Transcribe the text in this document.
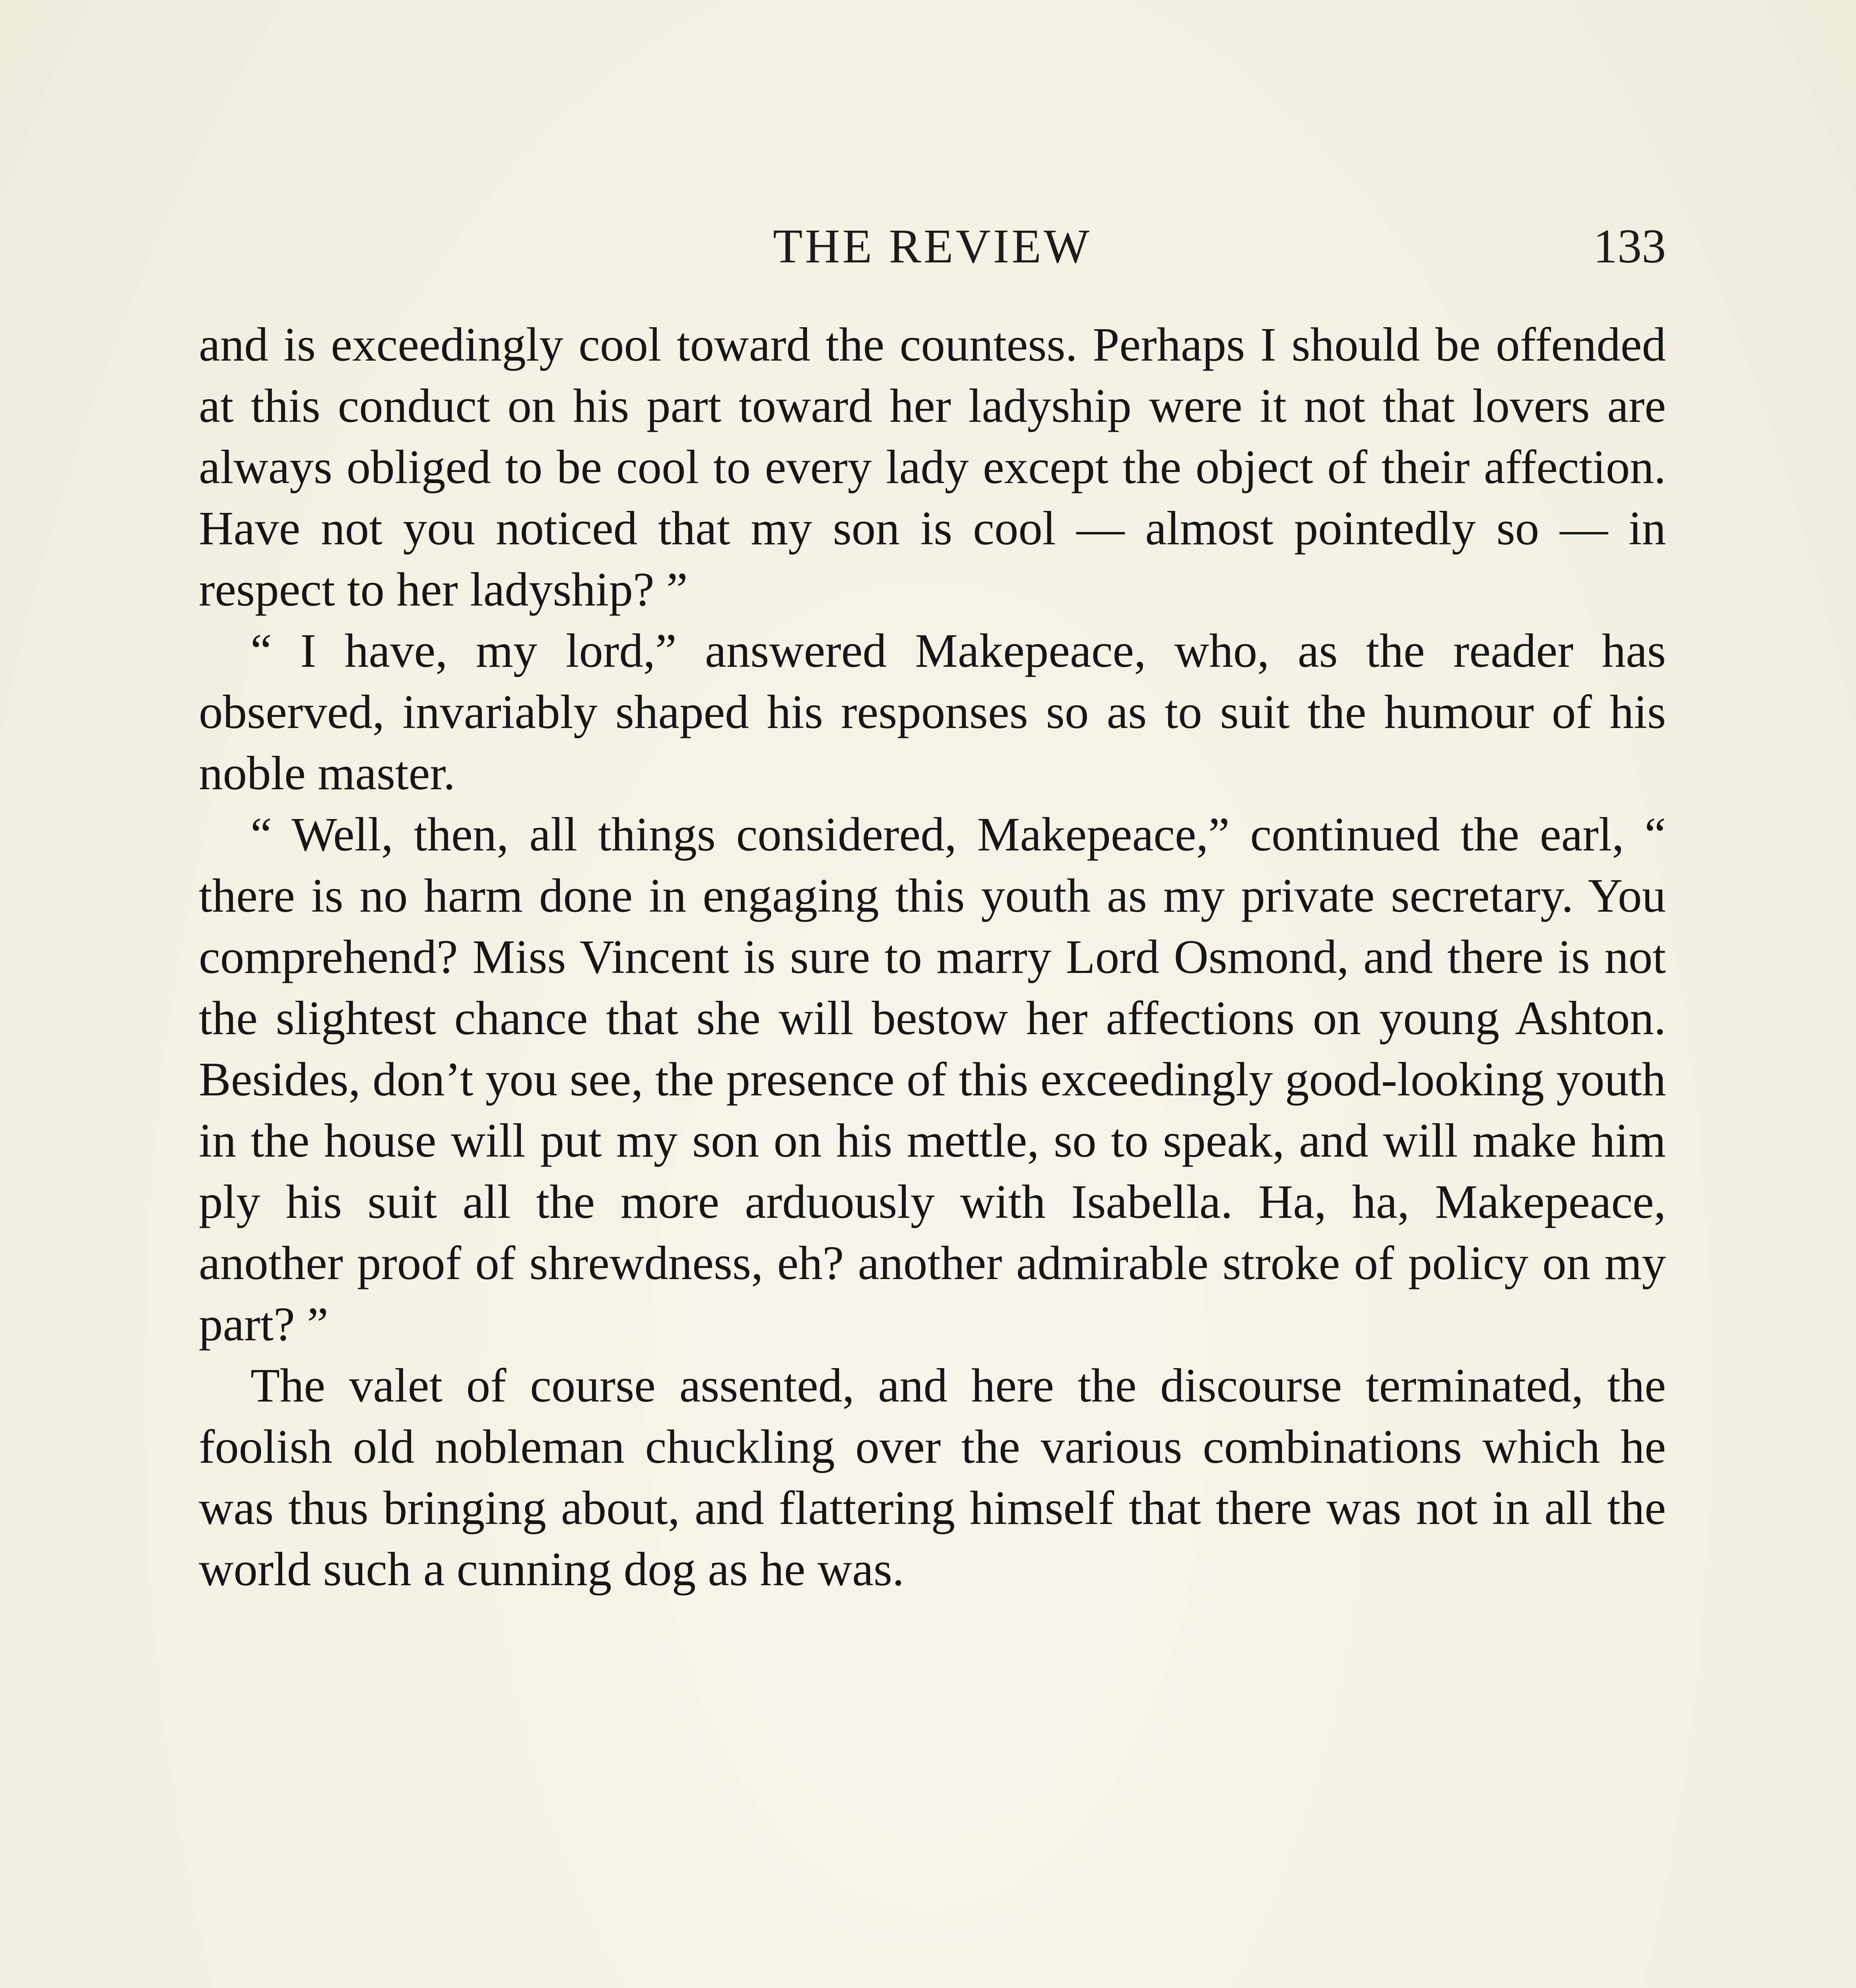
THE REVIEW	133

and is exceedingly cool toward the countess. Perhaps I should be offended at this conduct on his part toward her ladyship were it not that lovers are always obliged to be cool to every lady except the object of their affection. Have not you noticed that my son is cool — almost pointedly so — in respect to her ladyship? ”

“ I have, my lord,” answered Makepeace, who, as the reader has observed, invariably shaped his responses so as to suit the humour of his noble master.

“ Well, then, all things considered, Makepeace,” continued the earl, “ there is no harm done in engaging this youth as my private secretary. You comprehend? Miss Vincent is sure to marry Lord Osmond, and there is not the slightest chance that she will bestow her affections on young Ashton. Besides, don’t you see, the presence of this exceedingly good-looking youth in the house will put my son on his mettle, so to speak, and will make him ply his suit all the more arduously with Isabella. Ha, ha, Makepeace, another proof of shrewdness, eh? another admirable stroke of policy on my part? ”

The valet of course assented, and here the discourse terminated, the foolish old nobleman chuckling over the various combinations which he was thus bringing about, and flattering himself that there was not in all the world such a cunning dog as he was.
